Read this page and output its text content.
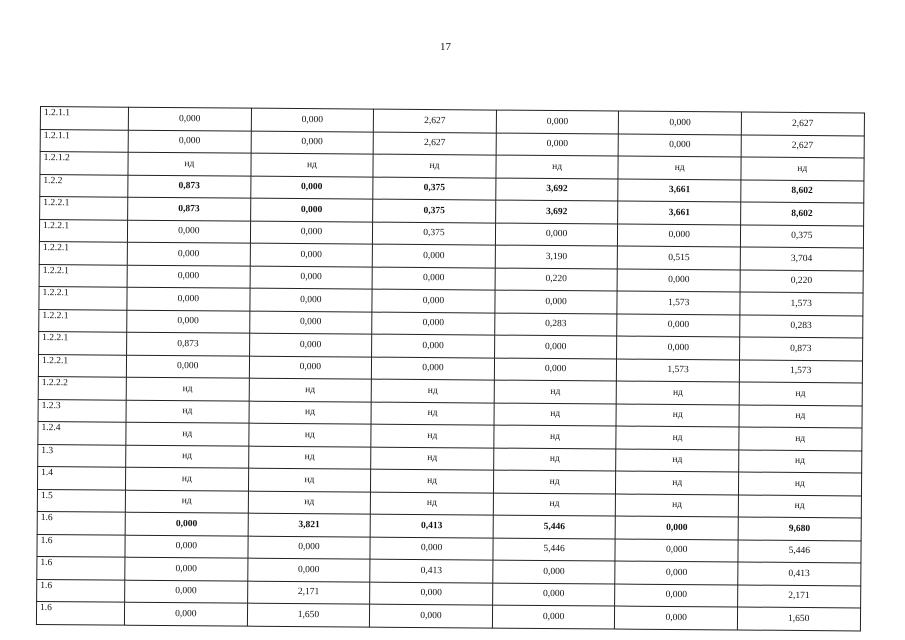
17
1.2.1.1	0,000	0,000	2,627	0,000	0,000	2,627
1.2.1.1	0,000	0,000	2,627	0,000	0,000	2,627
1.2.1.2	нд	нд	нд	нд	нд	нд
1.2.2	0,873	0,000	0,375	3,692	3,661	8,602
1.2.2.1	0,873	0,000	0,375	3,692	3,661	8,602
1.2.2.1	0,000	0,000	0,375	0,000	0,000	0,375
1.2.2.1	0,000	0,000	0,000	3,190	0,515	3,704
1.2.2.1	0,000	0,000	0,000	0,220	0,000	0,220
1.2.2.1	0,000	0,000	0,000	0,000	1,573	1,573
1.2.2.1	0,000	0,000	0,000	0,283	0,000	0,283
1.2.2.1	0,873	0,000	0,000	0,000	0,000	0,873
1.2.2.1	0,000	0,000	0,000	0,000	1,573	1,573
1.2.2.2	нд	нд	нд	нд	нд	нд
1.2.3	нд	нд	нд	нд	нд	нд
1.2.4	нд	нд	нд	нд	нд	нд
1.3	нд	нд	нд	нд	нд	нд
1.4	нд	нд	нд	нд	нд	нд
1.5	нд	нд	нд	нд	нд	нд
1.6	0,000	3,821	0,413	5,446	0,000	9,680
1.6	0,000	0,000	0,000	5,446	0,000	5,446
1.6	0,000	0,000	0,413	0,000	0,000	0,413
1.6	0,000	2,171	0,000	0,000	0,000	2,171
1.6	0,000	1,650	0,000	0,000	0,000	1,650
